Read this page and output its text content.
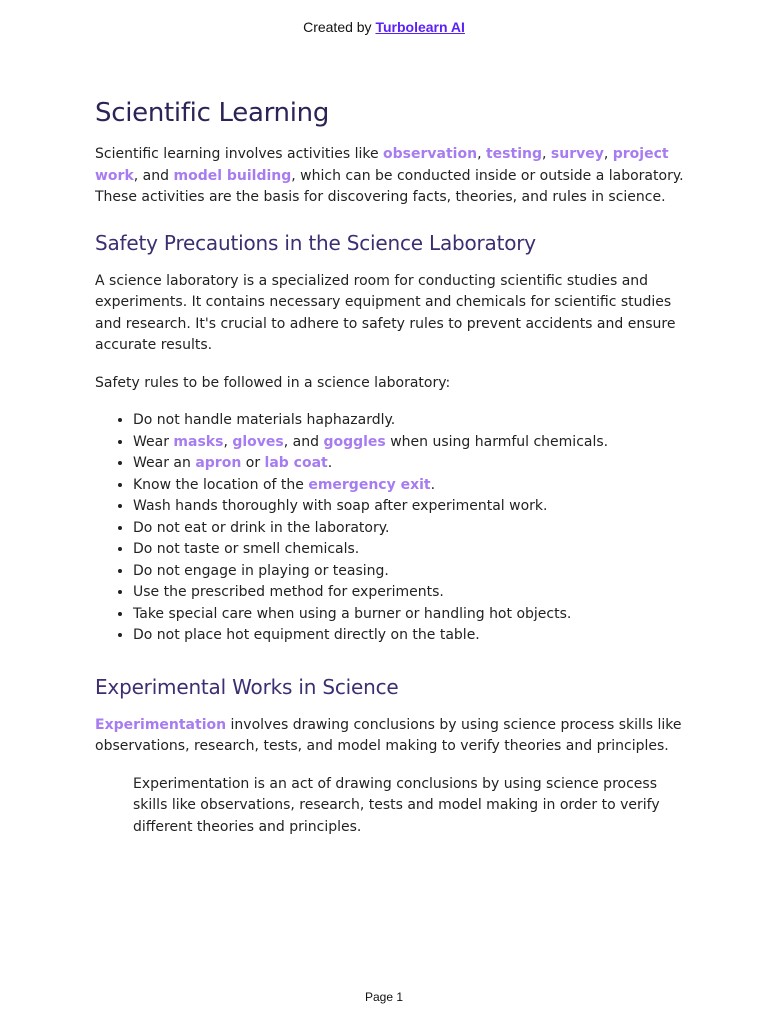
Created by Turbolearn AI
Scientific Learning

Scientific learning involves activities like observation, testing, survey, project work, and model building, which can be conducted inside or outside a laboratory. These activities are the basis for discovering facts, theories, and rules in science.

Safety Precautions in the Science Laboratory

A science laboratory is a specialized room for conducting scientific studies and experiments. It contains necessary equipment and chemicals for scientific studies and research. It's crucial to adhere to safety rules to prevent accidents and ensure accurate results.

Safety rules to be followed in a science laboratory:

• Do not handle materials haphazardly.
• Wear masks, gloves, and goggles when using harmful chemicals.
• Wear an apron or lab coat.
• Know the location of the emergency exit.
• Wash hands thoroughly with soap after experimental work.
• Do not eat or drink in the laboratory.
• Do not taste or smell chemicals.
• Do not engage in playing or teasing.
• Use the prescribed method for experiments.
• Take special care when using a burner or handling hot objects.
• Do not place hot equipment directly on the table.
Experimental Works in Science

Experimentation involves drawing conclusions by using science process skills like observations, research, tests, and model making to verify theories and principles.

Experimentation is an act of drawing conclusions by using science process skills like observations, research, tests and model making in order to verify different theories and principles.
Page 1
